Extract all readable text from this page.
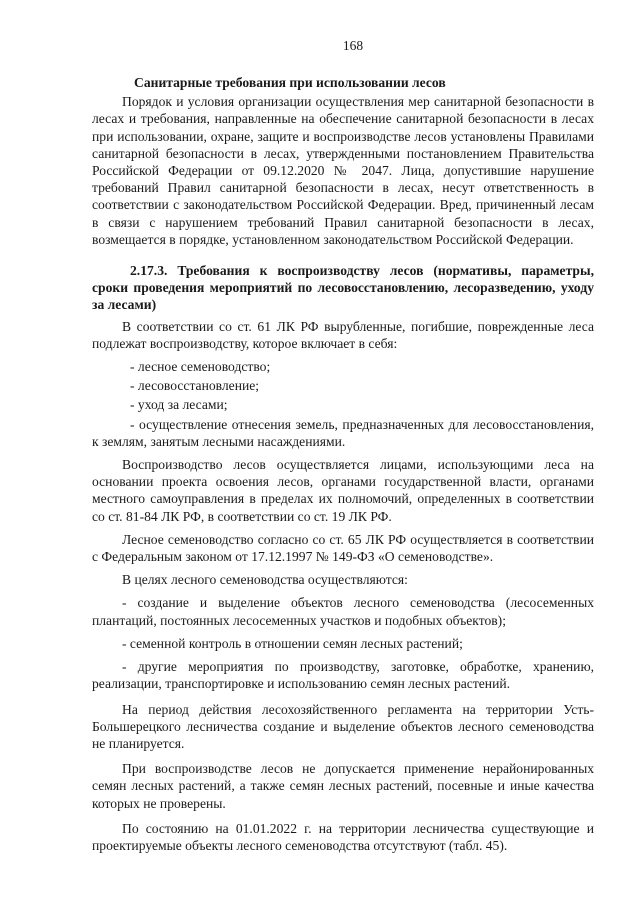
168
Санитарные требования при использовании лесов

Порядок и условия организации осуществления мер санитарной безопасности в лесах и требования, направленные на обеспечение санитарной безопасности в лесах при использовании, охране, защите и воспроизводстве лесов установлены Правилами санитарной безопасности в лесах, утвержденными постановлением Правительства Российской Федерации от 09.12.2020 № 2047. Лица, допустившие нарушение требований Правил санитарной безопасности в лесах, несут ответственность в соответствии с законодательством Российской Федерации. Вред, причиненный лесам в связи с нарушением требований Правил санитарной безопасности в лесах, возмещается в порядке, установленном законодательством Российской Федерации.

2.17.3. Требования к воспроизводству лесов (нормативы, параметры, сроки проведения мероприятий по лесовосстановлению, лесоразведению, уходу за лесами)

В соответствии со ст. 61 ЛК РФ вырубленные, погибшие, поврежденные леса подлежат воспроизводству, которое включает в себя:

- лесное семеноводство;
- лесовосстановление;
- уход за лесами;
- осуществление отнесения земель, предназначенных для лесовосстановления, к землям, занятым лесными насаждениями.

Воспроизводство лесов осуществляется лицами, использующими леса на основании проекта освоения лесов, органами государственной власти, органами местного самоуправления в пределах их полномочий, определенных в соответствии со ст. 81-84 ЛК РФ, в соответствии со ст. 19 ЛК РФ.

Лесное семеноводство согласно со ст. 65 ЛК РФ осуществляется в соответствии с Федеральным законом от 17.12.1997 № 149-ФЗ «О семеноводстве».

В целях лесного семеноводства осуществляются:

- создание и выделение объектов лесного семеноводства (лесосеменных плантаций, постоянных лесосеменных участков и подобных объектов);

- семенной контроль в отношении семян лесных растений;

- другие мероприятия по производству, заготовке, обработке, хранению, реализации, транспортировке и использованию семян лесных растений.

На период действия лесохозяйственного регламента на территории Усть-Большерецкого лесничества создание и выделение объектов лесного семеноводства не планируется.

При воспроизводстве лесов не допускается применение нерайонированных семян лесных растений, а также семян лесных растений, посевные и иные качества которых не проверены.

По состоянию на 01.01.2022 г. на территории лесничества существующие и проектируемые объекты лесного семеноводства отсутствуют (табл. 45).
